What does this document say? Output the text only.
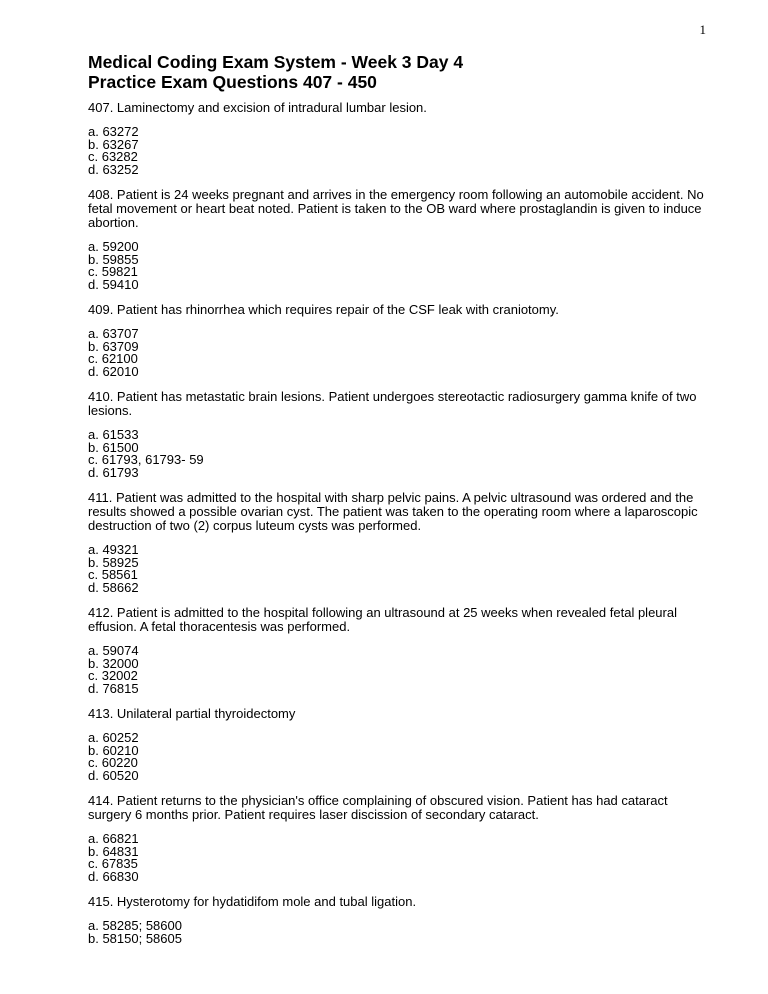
1
Medical Coding Exam System - Week 3 Day 4
Practice Exam Questions 407 - 450

407. Laminectomy and excision of intradural lumbar lesion.

a. 63272

b. 63267

c. 63282

d. 63252

408. Patient is 24 weeks pregnant and arrives in the emergency room following an automobile accident. No fetal movement or heart beat noted. Patient is taken to the OB ward where prostaglandin is given to induce abortion.

a. 59200

b. 59855

c. 59821

d. 59410

409. Patient has rhinorrhea which requires repair of the CSF leak with craniotomy.

a. 63707

b. 63709

c. 62100

d. 62010

410. Patient has metastatic brain lesions. Patient undergoes stereotactic radiosurgery gamma knife of two lesions.

a. 61533

b. 61500

c. 61793, 61793- 59

d. 61793

411. Patient was admitted to the hospital with sharp pelvic pains. A pelvic ultrasound was ordered and the results showed a possible ovarian cyst. The patient was taken to the operating room where a laparoscopic destruction of two (2) corpus luteum cysts was performed.

a. 49321

b. 58925

c. 58561

d. 58662

412. Patient is admitted to the hospital following an ultrasound at 25 weeks when revealed fetal pleural effusion. A fetal thoracentesis was performed.

a. 59074

b. 32000

c. 32002

d. 76815

413. Unilateral partial thyroidectomy

a. 60252

b. 60210

c. 60220

d. 60520

414. Patient returns to the physician's office complaining of obscured vision. Patient has had cataract surgery 6 months prior. Patient requires laser discission of secondary cataract.

a. 66821

b. 64831

c. 67835

d. 66830

415. Hysterotomy for hydatidifom mole and tubal ligation.

a. 58285; 58600

b. 58150; 58605
